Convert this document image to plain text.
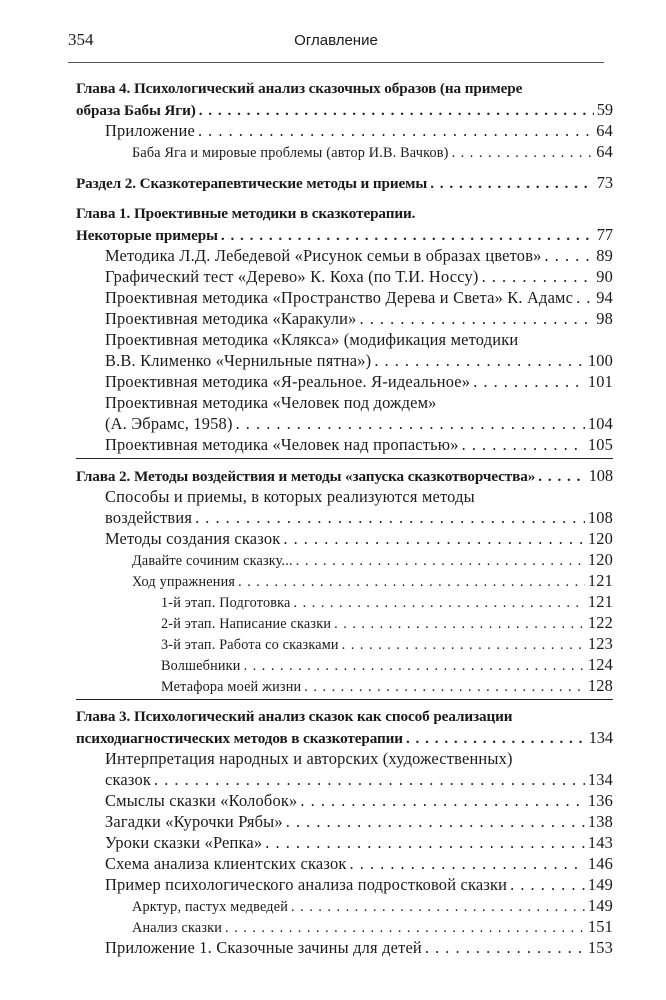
354	Оглавление
Глава 4. Психологический анализ сказочных образов (на примере
образа Бабы Яги) . . .	59
Приложение . . .	64
Баба Яга и мировые проблемы (автор И.В. Вачков) . . .	64
Раздел 2. Сказкотерапевтические методы и приемы . . .	73
Глава 1. Проективные методики в сказкотерапии.
Некоторые примеры . . .	77
Методика Л.Д. Лебедевой «Рисунок семьи в образах цветов» . . .	89
Графический тест «Дерево» К. Коха (по Т.И. Носсу) . . .	90
Проективная методика «Пространство Дерева и Света» К. Адамс . . . 94
Проективная методика «Каракули» . . .	98
Проективная методика «Клякса» (модификация методики
В.В. Клименко «Чернильные пятна») . . .	100
Проективная методика «Я-реальное. Я-идеальное» . . .	101
Проективная методика «Человек под дождем»
(А. Эбрамс, 1958) . . .	104
Проективная методика «Человек над пропастью» . . .	105
Глава 2. Методы воздействия и методы «запуска сказкотворчества» . . .	108
Способы и приемы, в которых реализуются методы
воздействия . . .	108
Методы создания сказок . . .	120
Давайте сочиним сказку... . . .	120
Ход упражнения . . .	121
1-й этап. Подготовка . . .	121
2-й этап. Написание сказки . . .	122
3-й этап. Работа со сказками . . .	123
Волшебники . . .	124
Метафора моей жизни . . .	128
Глава 3. Психологический анализ сказок как способ реализации
психодиагностических методов в сказкотерапии . . .	134
Интерпретация народных и авторских (художественных)
сказок . . .	134
Смыслы сказки «Колобок» . . .	136
Загадки «Курочки Рябы» . . .	138
Уроки сказки «Репка» . . .	143
Схема анализа клиентских сказок . . .	146
Пример психологического анализа подростковой сказки . . .	149
Арктур, пастух медведей . . .	149
Анализ сказки . . .	151
Приложение 1. Сказочные зачины для детей . . .	153
